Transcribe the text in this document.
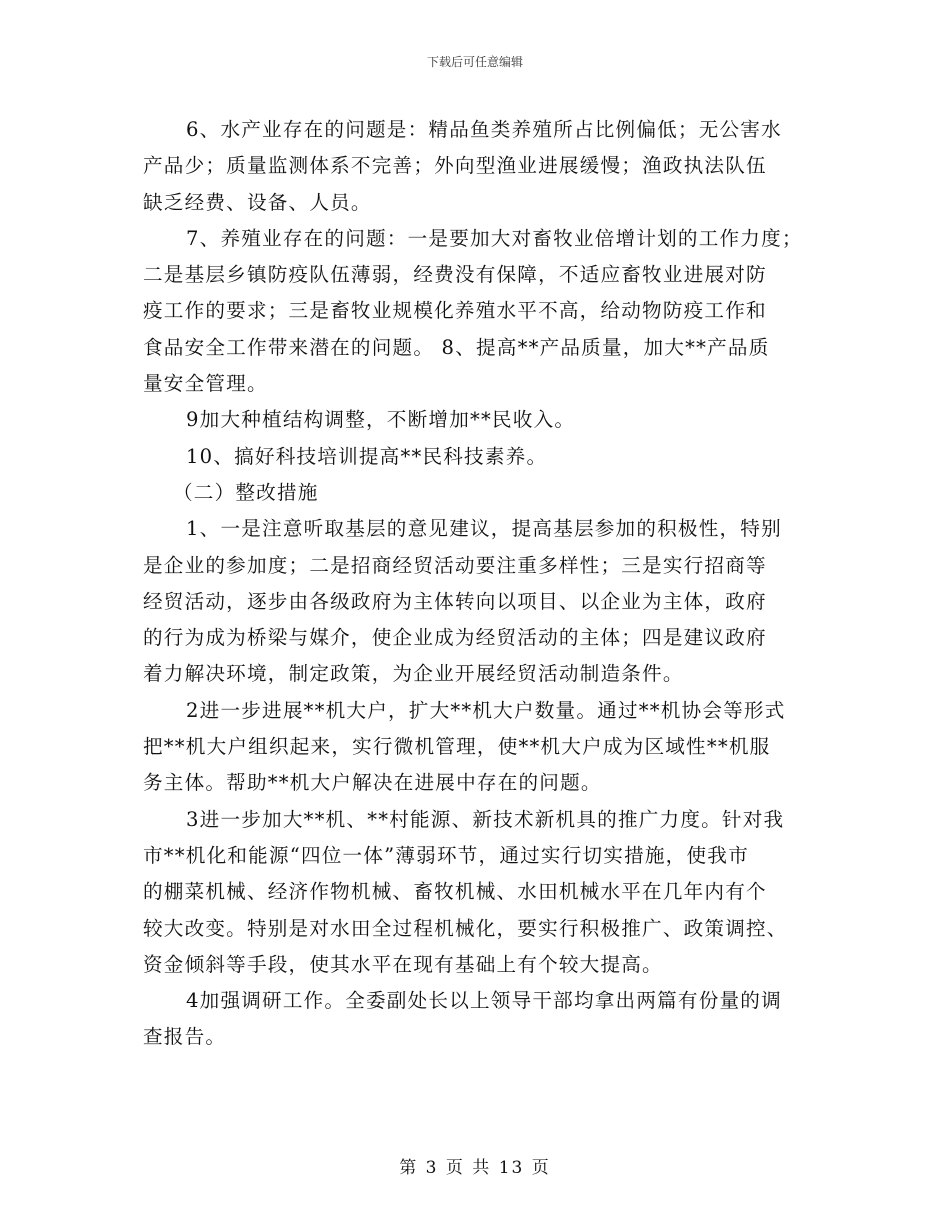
下载后可任意编辑
6、水产业存在的问题是：精品鱼类养殖所占比例偏低；无公害水
产品少；质量监测体系不完善；外向型渔业进展缓慢；渔政执法队伍
缺乏经费、设备、人员。
7、养殖业存在的问题：一是要加大对畜牧业倍增计划的工作力度；
二是基层乡镇防疫队伍薄弱，经费没有保障，不适应畜牧业进展对防
疫工作的要求；三是畜牧业规模化养殖水平不高，给动物防疫工作和
食品安全工作带来潜在的问题。 8、提高**产品质量，加大**产品质
量安全管理。
9加大种植结构调整，不断增加**民收入。
10、搞好科技培训提高**民科技素养。
（二）整改措施
1、一是注意听取基层的意见建议，提高基层参加的积极性，特别
是企业的参加度；二是招商经贸活动要注重多样性；三是实行招商等
经贸活动，逐步由各级政府为主体转向以项目、以企业为主体，政府
的行为成为桥梁与媒介，使企业成为经贸活动的主体；四是建议政府
着力解决环境，制定政策，为企业开展经贸活动制造条件。
2进一步进展**机大户，扩大**机大户数量。通过**机协会等形式
把**机大户组织起来，实行微机管理，使**机大户成为区域性**机服
务主体。帮助**机大户解决在进展中存在的问题。
3进一步加大**机、**村能源、新技术新机具的推广力度。针对我
市**机化和能源“四位一体”薄弱环节，通过实行切实措施，使我市
的棚菜机械、经济作物机械、畜牧机械、水田机械水平在几年内有个
较大改变。特别是对水田全过程机械化，要实行积极推广、政策调控、
资金倾斜等手段，使其水平在现有基础上有个较大提高。
4加强调研工作。全委副处长以上领导干部均拿出两篇有份量的调
查报告。
第 3 页 共 13 页
